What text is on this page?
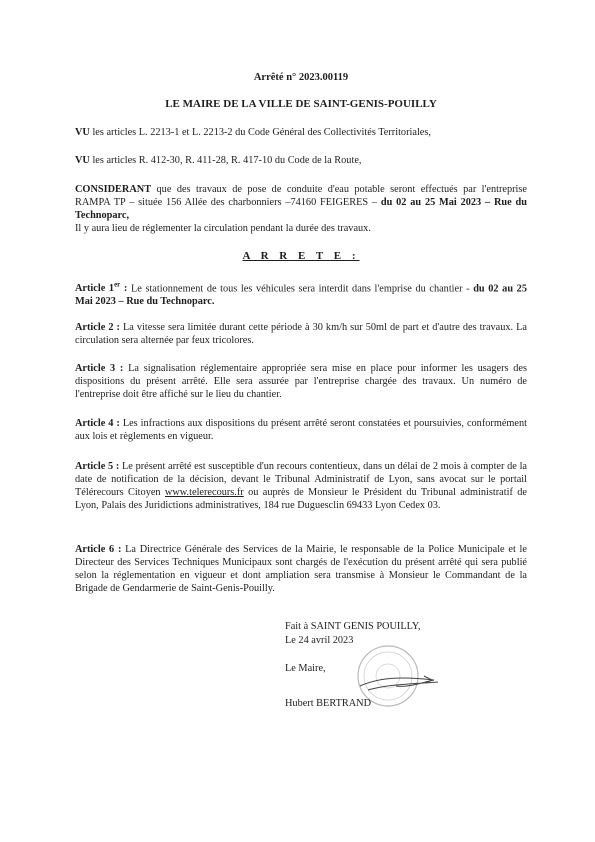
Arrêté n° 2023.00119
LE MAIRE DE LA VILLE DE SAINT-GENIS-POUILLY

VU les articles L. 2213-1 et L. 2213-2 du Code Général des Collectivités Territoriales,

VU les articles R. 412-30, R. 411-28, R. 417-10 du Code de la Route,

CONSIDERANT que des travaux de pose de conduite d'eau potable seront effectués par l'entreprise RAMPA TP – située 156 Allée des charbonniers –74160 FEIGERES – du 02 au 25 Mai 2023 – Rue du Technoparc,

Il y aura lieu de réglementer la circulation pendant la durée des travaux.

A R R E T E :

Article 1er : Le stationnement de tous les véhicules sera interdit dans l'emprise du chantier - du 02 au 25 Mai 2023 – Rue du Technoparc.

Article 2 : La vitesse sera limitée durant cette période à 30 km/h sur 50ml de part et d'autre des travaux. La circulation sera alternée par feux tricolores.

Article 3 : La signalisation réglementaire appropriée sera mise en place pour informer les usagers des dispositions du présent arrêté. Elle sera assurée par l'entreprise chargée des travaux. Un numéro de l'entreprise doit être affiché sur le lieu du chantier.

Article 4 : Les infractions aux dispositions du présent arrêté seront constatées et poursuivies, conformément aux lois et règlements en vigueur.

Article 5 : Le présent arrêté est susceptible d'un recours contentieux, dans un délai de 2 mois à compter de la date de notification de la décision, devant le Tribunal Administratif de Lyon, sans avocat sur le portail Télérecours Citoyen www.telerecours.fr ou auprès de Monsieur le Président du Tribunal administratif de Lyon, Palais des Juridictions administratives, 184 rue Duguesclin 69433 Lyon Cedex 03.

Article 6 : La Directrice Générale des Services de la Mairie, le responsable de la Police Municipale et le Directeur des Services Techniques Municipaux sont chargés de l'exécution du présent arrêté qui sera publié selon la réglementation en vigueur et dont ampliation sera transmise à Monsieur le Commandant de la Brigade de Gendarmerie de Saint-Genis-Pouilly.

Fait à SAINT GENIS POUILLY,
Le 24 avril 2023
Le Maire,
Hubert BERTRAND
